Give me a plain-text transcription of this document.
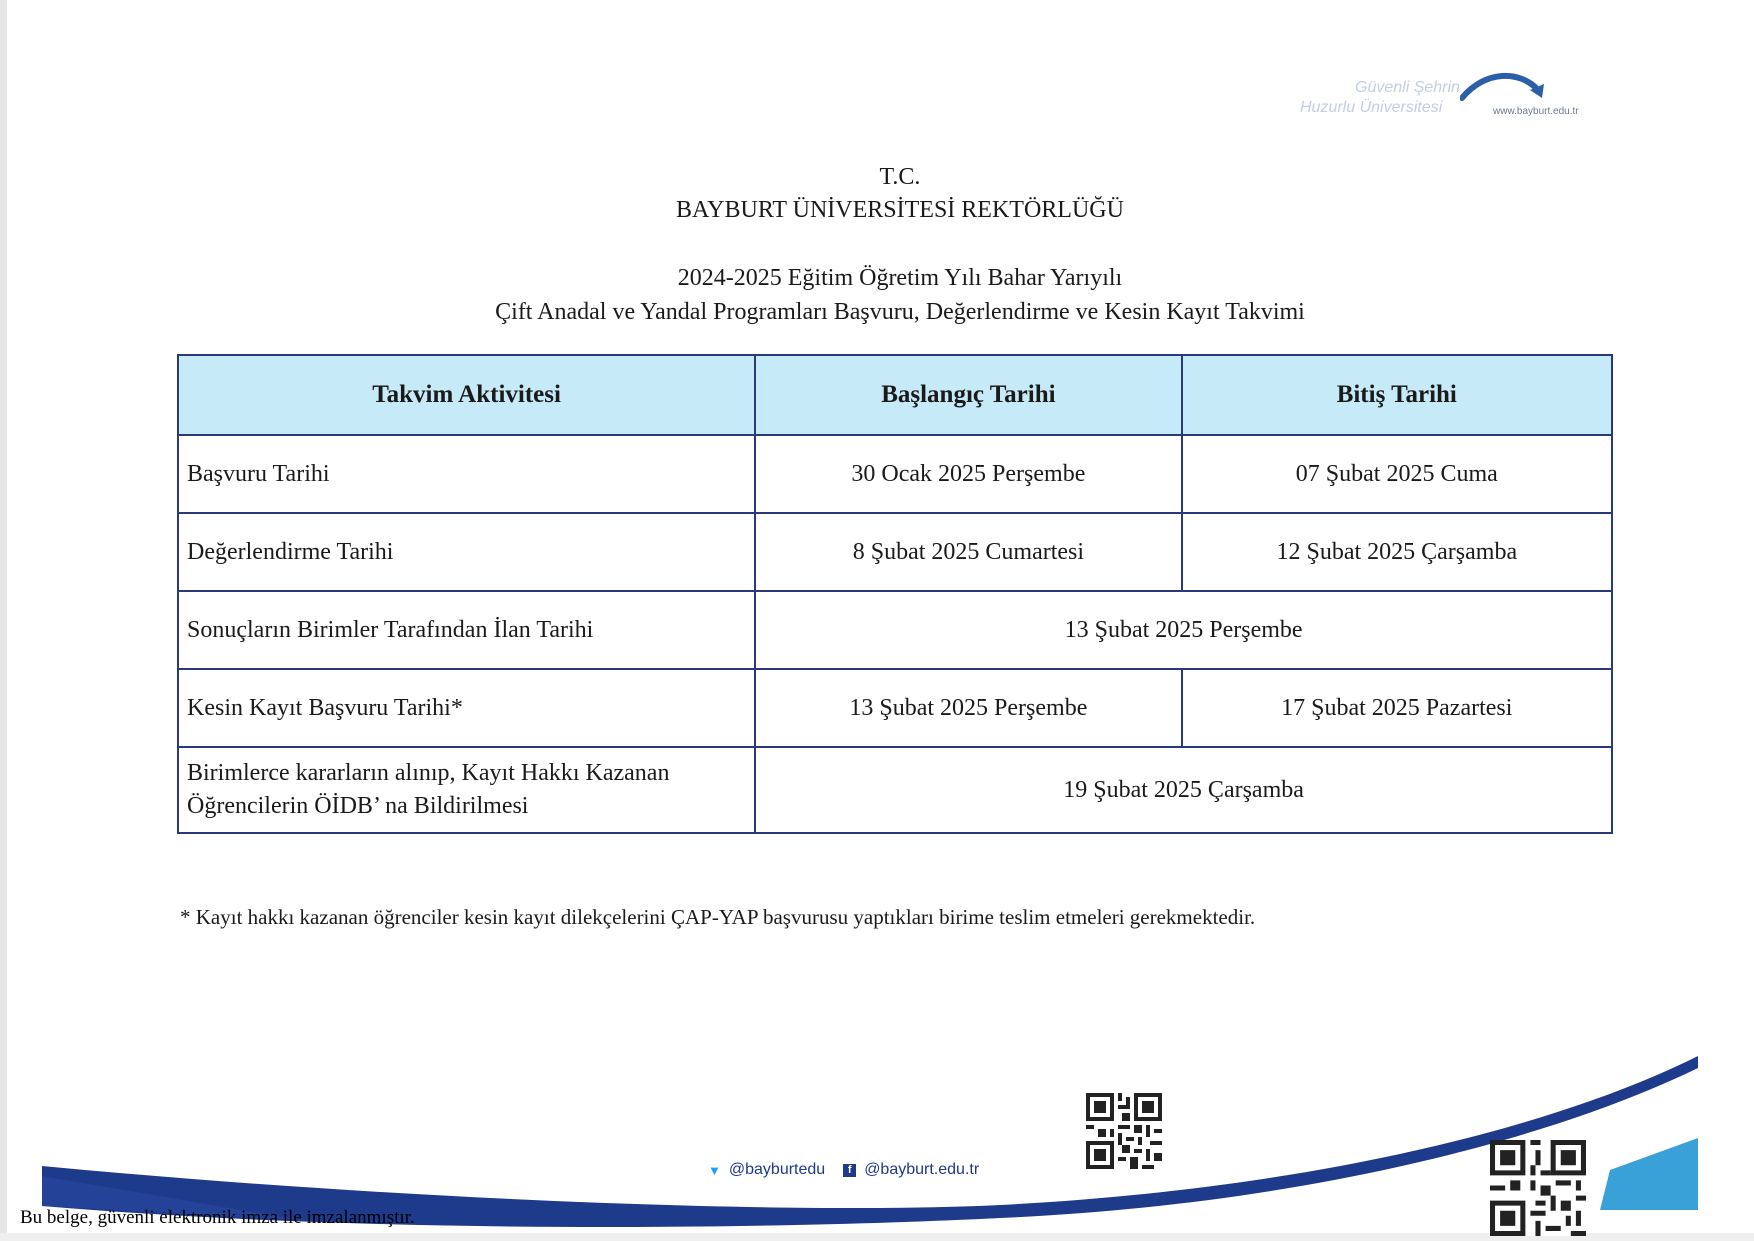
Güvenli Şehrin
Huzurlu Üniversitesi	www.bayburt.edu.tr
T.C.
BAYBURT ÜNİVERSİTESİ REKTÖRLÜĞÜ
2024-2025 Eğitim Öğretim Yılı Bahar Yarıyılı
Çift Anadal ve Yandal Programları Başvuru, Değerlendirme ve Kesin Kayıt Takvimi
Takvim Aktivitesi	Başlangıç Tarihi	Bitiş Tarihi
Başvuru Tarihi	30 Ocak 2025 Perşembe	07 Şubat 2025 Cuma
Değerlendirme Tarihi	8 Şubat 2025 Cumartesi	12 Şubat 2025 Çarşamba
Sonuçların Birimler Tarafından İlan Tarihi	13 Şubat 2025 Perşembe	
Kesin Kayıt Başvuru Tarihi*	13 Şubat 2025 Perşembe	17 Şubat 2025 Pazartesi

Birimlerce kararların alınıp, Kayıt Hakkı Kazanan
Öğrencilerin ÖİDB’ na Bildirilmesi	19 Şubat 2025 Çarşamba	
* Kayıt hakkı kazanan öğrenciler kesin kayıt dilekçelerini ÇAP-YAP başvurusu yaptıkları birime teslim etmeleri gerekmektedir.
▼ @bayburtedu	f @bayburt.edu.tr
Bu belge, güvenli elektronik imza ile imzalanmıştır.
